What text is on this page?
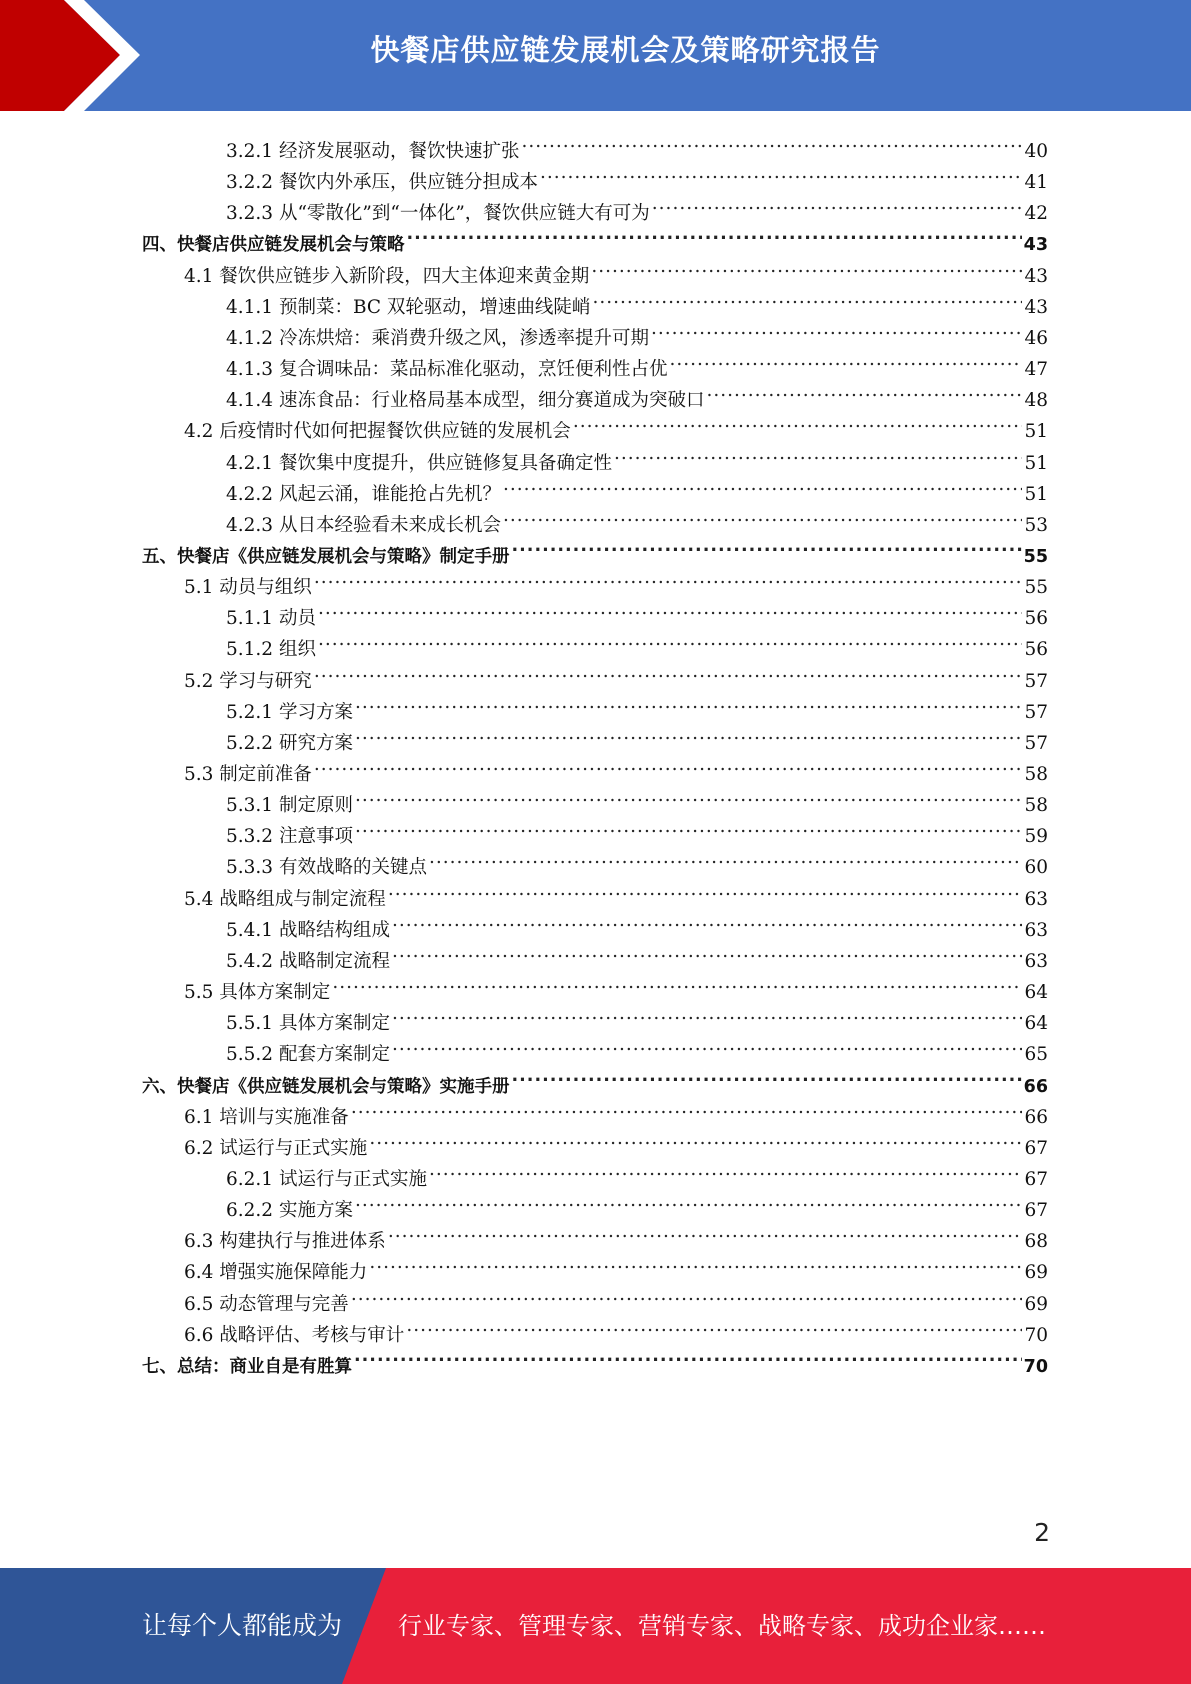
快餐店供应链发展机会及策略研究报告
3.2.1 经济发展驱动，餐饮快速扩张 .....	40
3.2.2 餐饮内外承压，供应链分担成本 .....	41
3.2.3 从“零散化”到“一体化”，餐饮供应链大有可为 .....	42
四、快餐店供应链发展机会与策略 .....	43
4.1 餐饮供应链步入新阶段，四大主体迎来黄金期 .....	43
4.1.1 预制菜：BC 双轮驱动，增速曲线陡峭 .....	43
4.1.2 冷冻烘焙：乘消费升级之风，渗透率提升可期 .....	46
4.1.3 复合调味品：菜品标准化驱动，烹饪便利性占优 .....	47
4.1.4 速冻食品：行业格局基本成型，细分赛道成为突破口 .....	48
4.2 后疫情时代如何把握餐饮供应链的发展机会 .....	51
4.2.1 餐饮集中度提升，供应链修复具备确定性 .....	51
4.2.2 风起云涌，谁能抢占先机？ .....	51
4.2.3 从日本经验看未来成长机会 .....	53
五、快餐店《供应链发展机会与策略》制定手册 .....	55
5.1 动员与组织 .....	55
5.1.1 动员 .....	56
5.1.2 组织 .....	56
5.2 学习与研究 .....	57
5.2.1 学习方案 .....	57
5.2.2 研究方案 .....	57
5.3 制定前准备 .....	58
5.3.1 制定原则 .....	58
5.3.2 注意事项 .....	59
5.3.3 有效战略的关键点 .....	60
5.4 战略组成与制定流程 .....	63
5.4.1 战略结构组成 .....	63
5.4.2 战略制定流程 .....	63
5.5 具体方案制定 .....	64
5.5.1 具体方案制定 .....	64
5.5.2 配套方案制定 .....	65
六、快餐店《供应链发展机会与策略》实施手册 .....	66
6.1 培训与实施准备 .....	66
6.2 试运行与正式实施 .....	67
6.2.1 试运行与正式实施 .....	67
6.2.2 实施方案 .....	67
6.3 构建执行与推进体系 .....	68
6.4 增强实施保障能力 .....	69
6.5 动态管理与完善 .....	69
6.6 战略评估、考核与审计 .....	70
七、总结：商业自是有胜算 .....	70
2
让每个人都能成为 行业专家、管理专家、营销专家、战略专家、成功企业家……
